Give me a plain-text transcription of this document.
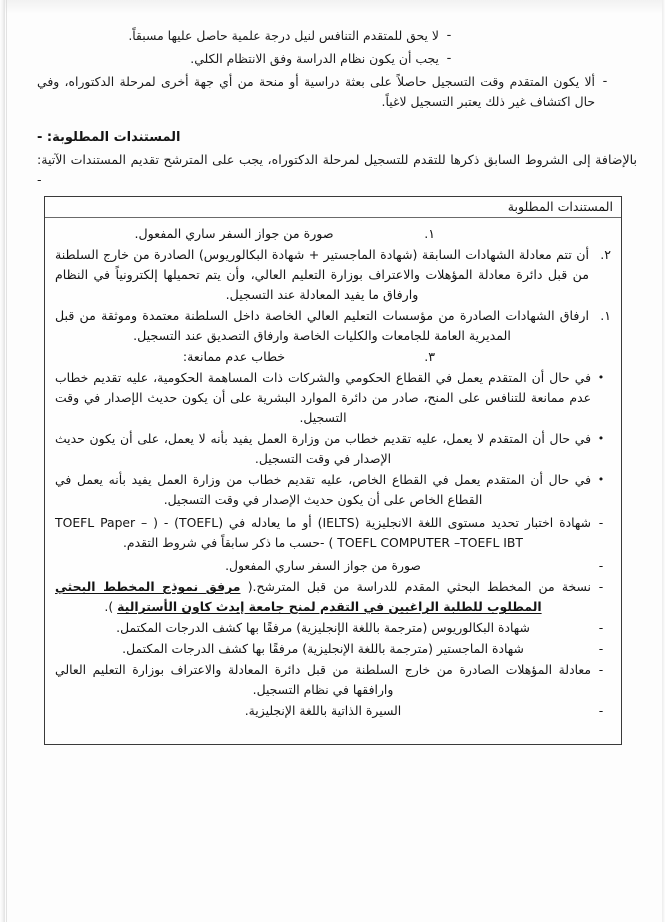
-
لا يحق للمتقدم التنافس لنيل درجة علمية حاصل عليها مسبقاً.
-
يجب أن يكون نظام الدراسة وفق الانتظام الكلي.
-
ألا يكون المتقدم وقت التسجيل حاصلاً على بعثة دراسية أو منحة من أي جهة أخرى لمرحلة الدكتوراه، وفي حال اكتشاف غير ذلك يعتبر التسجيل لاغياً.
المستندات المطلوبة: -
بالإضافة إلى الشروط السابق ذكرها للتقدم للتسجيل لمرحلة الدكتوراه، يجب على المترشح تقديم المستندات الآتية: -
المستندات المطلوبة
١.
صورة من جواز السفر ساري المفعول.
٢.
أن تتم معادلة الشهادات السابقة (شهادة الماجستير + شهادة البكالوريوس) الصادرة من خارج السلطنة من قبل دائرة معادلة المؤهلات والاعتراف بوزارة التعليم العالي، وأن يتم تحميلها إلكترونياً في النظام وارفاق ما يفيد المعادلة عند التسجيل.
١.
ارفاق الشهادات الصادرة من مؤسسات التعليم العالي الخاصة داخل السلطنة معتمدة وموثقة من قبل المديرية العامة للجامعات والكليات الخاصة وارفاق التصديق عند التسجيل.
٣.
خطاب عدم ممانعة:
•
في حال أن المتقدم يعمل في القطاع الحكومي والشركات ذات المساهمة الحكومية، عليه تقديم خطاب عدم ممانعة للتنافس على المنح، صادر من دائرة الموارد البشرية على أن يكون حديث الإصدار في وقت التسجيل.
•
في حال أن المتقدم لا يعمل، عليه تقديم خطاب من وزارة العمل يفيد بأنه لا يعمل، على أن يكون حديث الإصدار في وقت التسجيل.
•
في حال أن المتقدم يعمل في القطاع الخاص، عليه تقديم خطاب من وزارة العمل يفيد بأنه يعمل في القطاع الخاص على أن يكون حديث الإصدار في وقت التسجيل.
-
شهادة اختبار تحديد مستوى اللغة الانجليزية (IELTS) أو ما يعادله في (TOEFL) - ( TOEFL Paper –TOEFL COMPUTER –TOEFL IBT ) -حسب ما ذكر سابقاً في شروط التقدم.
-
صورة من جواز السفر ساري المفعول.
-
نسخة من المخطط البحثي المقدم للدراسة من قبل المترشح.( مرفق نموذج المخطط البحثي المطلوب للطلبة الراغبين في التقدم لمنح جامعة إيدث كاون الأسترالية ).
-
شهادة البكالوريوس (مترجمة باللغة الإنجليزية) مرفقًا بها كشف الدرجات المكتمل.
-
شهادة الماجستير (مترجمة باللغة الإنجليزية) مرفقًا بها كشف الدرجات المكتمل.
-
معادلة المؤهلات الصادرة من خارج السلطنة من قبل دائرة المعادلة والاعتراف بوزارة التعليم العالي وارافقها في نظام التسجيل.
-
السيرة الذاتية باللغة الإنجليزية.
